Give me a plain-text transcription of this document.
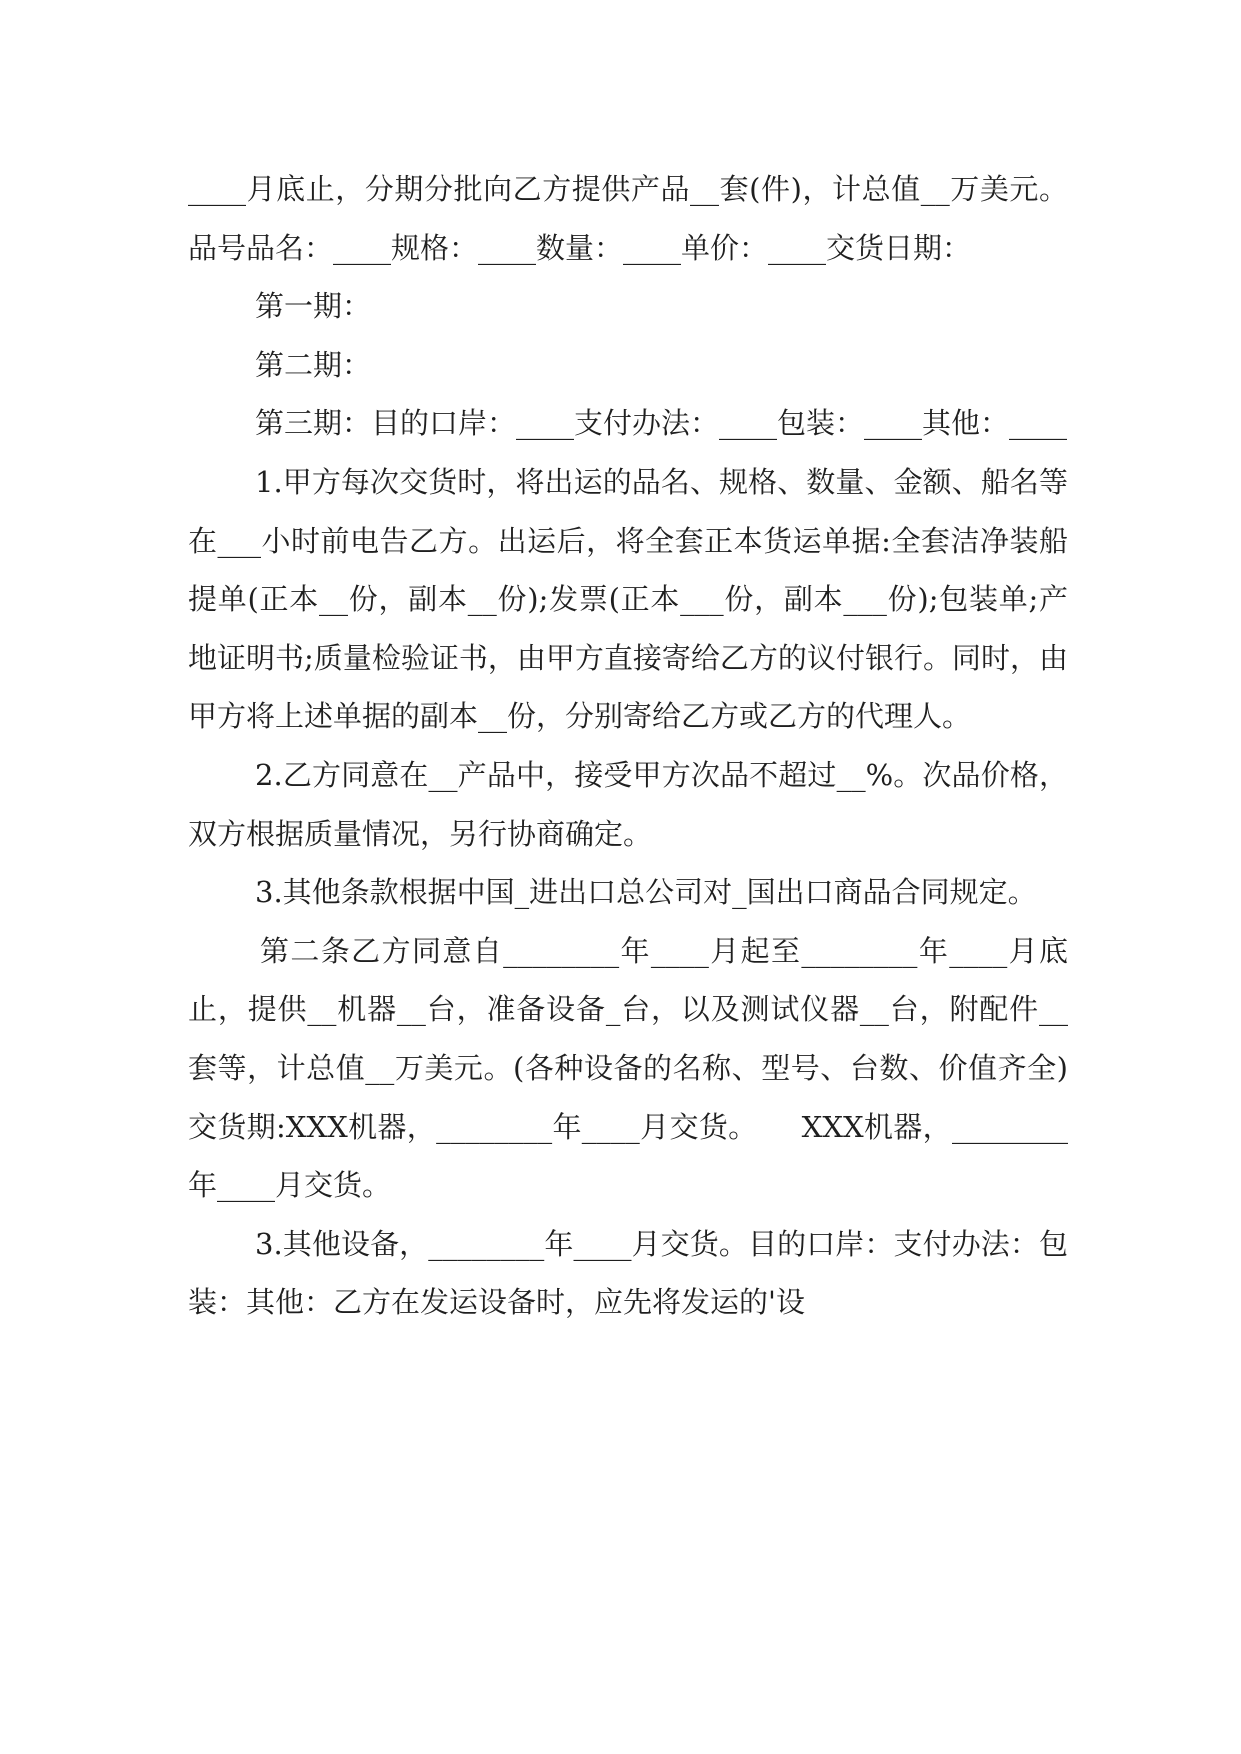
____月底止，分期分批向乙方提供产品__套(件)，计总值__万美元。品号品名：____规格：____数量：____单价：____交货日期：

第一期：

第二期：

第三期：目的口岸：____支付办法：____包装：____其他：____

1.甲方每次交货时，将出运的品名、规格、数量、金额、船名等在___小时前电告乙方。出运后，将全套正本货运单据:全套洁净装船提单(正本__份，副本__份);发票(正本___份，副本___份);包装单;产地证明书;质量检验证书，由甲方直接寄给乙方的议付银行。同时，由甲方将上述单据的副本__份，分别寄给乙方或乙方的代理人。

2.乙方同意在__产品中，接受甲方次品不超过__%。次品价格，双方根据质量情况，另行协商确定。

3.其他条款根据中国_进出口总公司对_国出口商品合同规定。

第二条乙方同意自________年____月起至________年____月底止，提供__机器__台，准备设备_台，以及测试仪器__台，附配件__套等，计总值__万美元。(各种设备的名称、型号、台数、价值齐全)交货期:XXX机器，________年____月交货。　　XXX机器，________年____月交货。

3.其他设备，________年____月交货。目的口岸：支付办法：包装：其他：乙方在发运设备时，应先将发运的'设
